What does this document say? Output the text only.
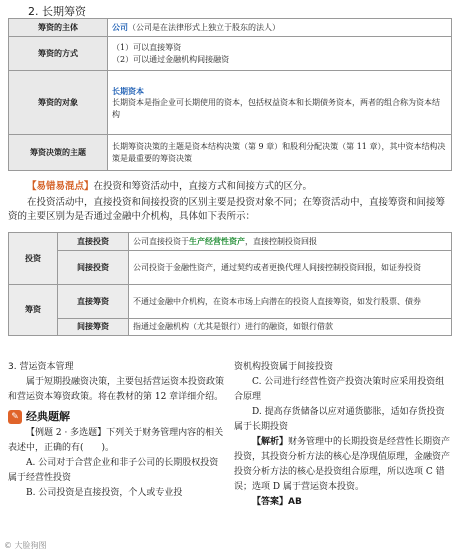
2. 长期筹资
筹资的主体	公司（公司是在法律形式上独立于股东的法人）
筹资的方式	（1）可以直接筹资
（2）可以通过金融机构间接融资

筹资的对象	长期资本
长期资本是指企业可长期使用的资本，包括权益资本和长期债务资本，两者的组合称为资本结构

筹资决策的主题	长期筹资决策的主题是资本结构决策（第 9 章）和股利分配决策（第 11 章），其中资本结构决策是最重要的筹资决策

【易错易混点】在投资和筹资活动中，直接方式和间接方式的区分。

在投资活动中，直接投资和间接投资的区别主要是投资对象不同；在筹资活动中，直接筹资和间接筹资的主要区别为是否通过金融中介机构，具体如下表所示：

投资	直接投资	公司直接投资于生产经营性资产，直接控制投资回报
	间接投资	公司投资于金融性资产，通过契约或者更换代理人间接控制投资回报，如证券投资
筹资	直接筹资	不通过金融中介机构，在资本市场上向潜在的投资人直接筹资，如发行股票、债券
	间接筹资	指通过金融机构（尤其是银行）进行的融资，如银行借款

3. 营运资本管理

属于短期投融资决策，主要包括营运资本投资政策和营运资本筹资政策。将在教材的第 12 章详细介绍。

✎ 经典题解

【例题 2 · 多选题】下列关于财务管理内容的相关表述中，正确的有(　　)。

A. 公司对于合营企业和非子公司的长期股权投资属于经营性投资

B. 公司投资是直接投资，个人或专业投

资机构投资属于间接投资

C. 公司进行经营性资产投资决策时应采用投资组合原理

D. 提高存货储备以应对通货膨胀，适如存货投资属于长期投资

【解析】财务管理中的长期投资是经营性长期资产投资，其投资分析方法的核心是净现值原理，金融资产投资分析方法的核心是投资组合原理，所以选项 C 错误；选项 D 属于营运资本投资。

【答案】AB

© 大脸狗图
